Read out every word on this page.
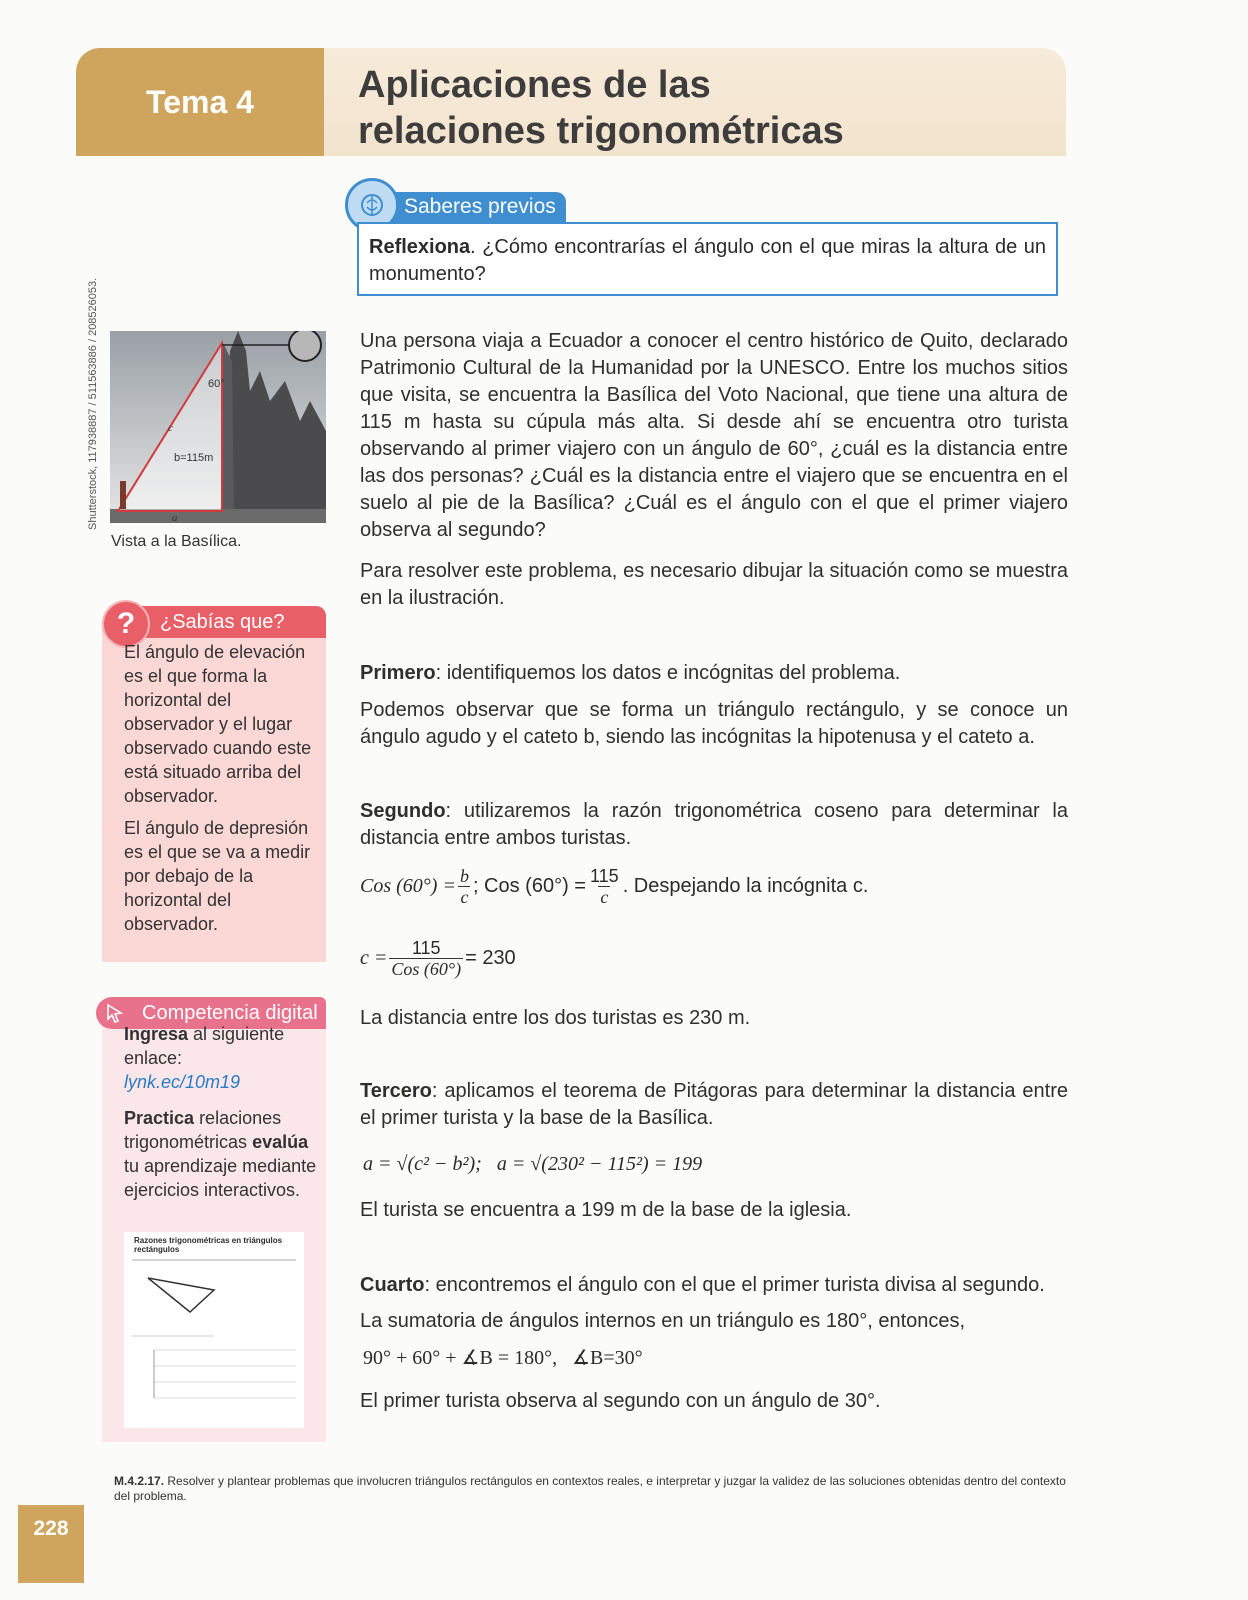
Tema 4	Aplicaciones de las
relaciones trigonométricas
Saberes previos
Reflexiona. ¿Cómo encontrarías el ángulo con el que miras la altura de un monumento?
Una persona viaja a Ecuador a conocer el centro histórico de Quito, declarado Patrimonio Cultural de la Humanidad por la UNESCO. Entre los muchos sitios que visita, se encuentra la Basílica del Voto Nacional, que tiene una altura de 115 m hasta su cúpula más alta. Si desde ahí se encuentra otro turista observando al primer viajero con un ángulo de 60°, ¿cuál es la distancia entre las dos personas? ¿Cuál es la distancia entre el viajero que se encuentra en el suelo al pie de la Basílica? ¿Cuál es el ángulo con el que el primer viajero observa al segundo?
Para resolver este problema, es necesario dibujar la situación como se muestra en la ilustración.
Primero: identifiquemos los datos e incógnitas del problema.
Podemos observar que se forma un triángulo rectángulo, y se conoce un ángulo agudo y el cateto b, siendo las incógnitas la hipotenusa y el cateto a.
Segundo: utilizaremos la razón trigonométrica coseno para determinar la distancia entre ambos turistas.
Cos $(60^\circ) = \frac{b}{c}$ ; Cos $(60^\circ) = \frac{115}{c}$ . Despejando la incógnita c.
$c = \frac{115}{\text{Cos (60°)}} = 230$
La distancia entre los dos turistas es 230 m.
Tercero: aplicamos el teorema de Pitágoras para determinar la distancia entre el primer turista y la base de la Basílica.
a = √(c² − b²);   a = √(230² − 115²) = 199
El turista se encuentra a 199 m de la base de la iglesia.
Cuarto: encontremos el ángulo con el que el primer turista divisa al segundo.
La sumatoria de ángulos internos en un triángulo es 180°, entonces,
90° + 60° + ∡B = 180°,   ∡B=30°
El primer turista observa al segundo con un ángulo de 30°.
Shutterstock, 117938887 / 511563886 / 208526053.	60°
b=115m
c
a
Vista a la Basílica.
?	¿Sabías que?
El ángulo de elevación es el que forma la horizontal del observador y el lugar observado cuando este está situado arriba del observador.
El ángulo de depresión es el que se va a medir por debajo de la horizontal del observador.
Competencia digital
Ingresa al siguiente enlace:
lynk.ec/10m19
Practica relaciones trigonométricas evalúa tu aprendizaje mediante ejercicios interactivos.
Razones trigonométricas en triángulos rectángulos
M.4.2.17. Resolver y plantear problemas que involucren triángulos rectángulos en contextos reales, e interpretar y juzgar la validez de las soluciones obtenidas dentro del contexto del problema.
228
